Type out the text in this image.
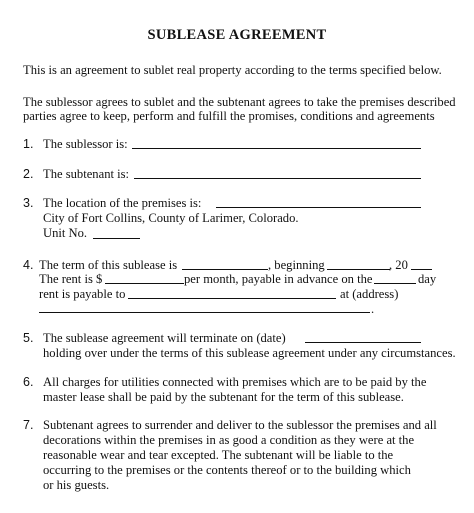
SUBLEASE AGREEMENT
This is an agreement to sublet real property according to the terms specified below.
The sublessor agrees to sublet and the subtenant agrees to take the premises described
parties agree to keep, perform and fulfill the promises, conditions and agreements
1. The sublessor is:
2. The subtenant is:
3. The location of the premises is:
City of Fort Collins, County of Larimer, Colorado.
Unit No.
4. The term of this sublease is	, beginning	, 20
The rent is $	per month, payable in advance on the	day
rent is payable to	at (address)
.
5. The sublease agreement will terminate on (date)
holding over under the terms of this sublease agreement under any circumstances.
6. All charges for utilities connected with premises which are to be paid by the
master lease shall be paid by the subtenant for the term of this sublease.
7. Subtenant agrees to surrender and deliver to the sublessor the premises and all
decorations within the premises in as good a condition as they were at the
reasonable wear and tear excepted. The subtenant will be liable to the
occurring to the premises or the contents thereof or to the building which
or his guests.
